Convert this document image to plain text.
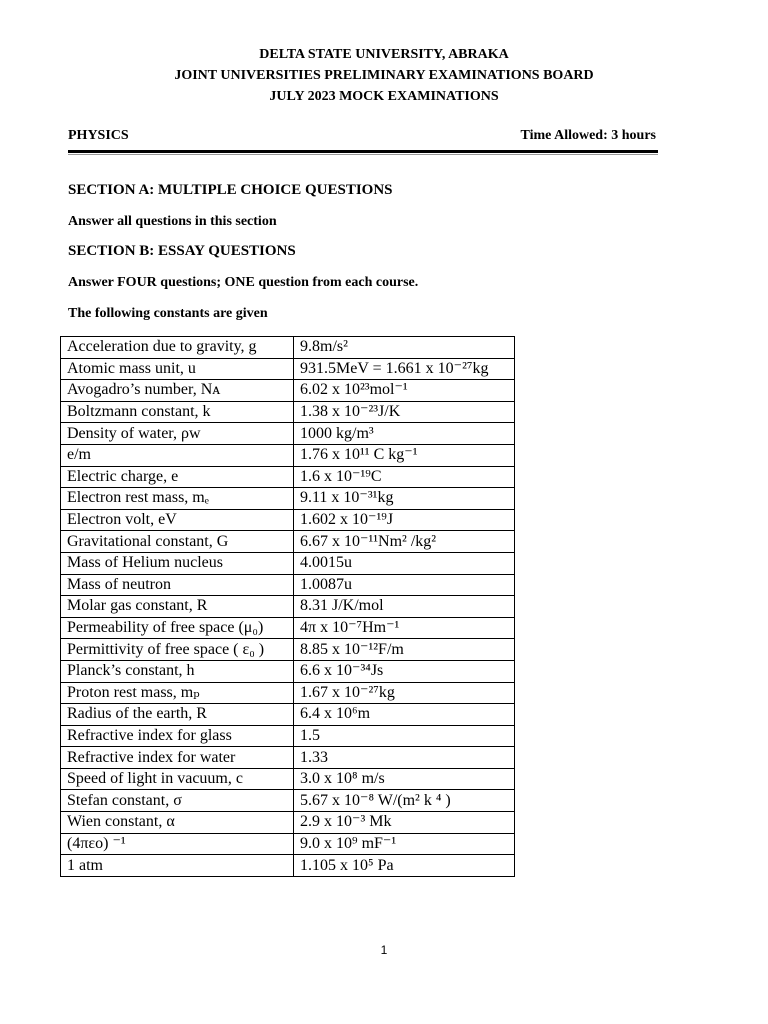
DELTA STATE UNIVERSITY, ABRAKA
JOINT UNIVERSITIES PRELIMINARY EXAMINATIONS BOARD
JULY 2023 MOCK EXAMINATIONS
PHYSICS	Time Allowed: 3 hours
SECTION A: MULTIPLE CHOICE QUESTIONS
Answer all questions in this section
SECTION B: ESSAY QUESTIONS
Answer FOUR questions; ONE question from each course.
The following constants are given
Acceleration due to gravity, g	9.8m/s²
Atomic mass unit, u	931.5MeV = 1.661 x 10⁻²⁷kg
Avogadro’s number, Nᴀ	6.02 x 10²³mol⁻¹
Boltzmann constant, k	1.38 x 10⁻²³J/K
Density of water, ρw	1000 kg/m³
e/m	1.76 x 10¹¹ C kg⁻¹
Electric charge, e	1.6 x 10⁻¹⁹C
Electron rest mass, mₑ	9.11 x 10⁻³¹kg
Electron volt, eV	1.602 x 10⁻¹⁹J
Gravitational constant, G	6.67 x 10⁻¹¹Nm² /kg²
Mass of Helium nucleus	4.0015u
Mass of neutron	1.0087u
Molar gas constant, R	8.31 J/K/mol
Permeability of free space (μ₀)	4π x 10⁻⁷Hm⁻¹
Permittivity of free space ( ε₀ )	8.85 x 10⁻¹²F/m
Planck’s constant, h	6.6 x 10⁻³⁴Js
Proton rest mass, mₚ	1.67 x 10⁻²⁷kg
Radius of the earth, R	6.4 x 10⁶m
Refractive index for glass	1.5
Refractive index for water	1.33
Speed of light in vacuum, c	3.0 x 10⁸ m/s
Stefan constant, σ	5.67 x 10⁻⁸ W/(m² k ⁴ )
Wien constant, α	2.9 x 10⁻³ Mk
(4πεo) ⁻¹	9.0 x 10⁹ mF⁻¹
1 atm	1.105 x 10⁵ Pa
1
